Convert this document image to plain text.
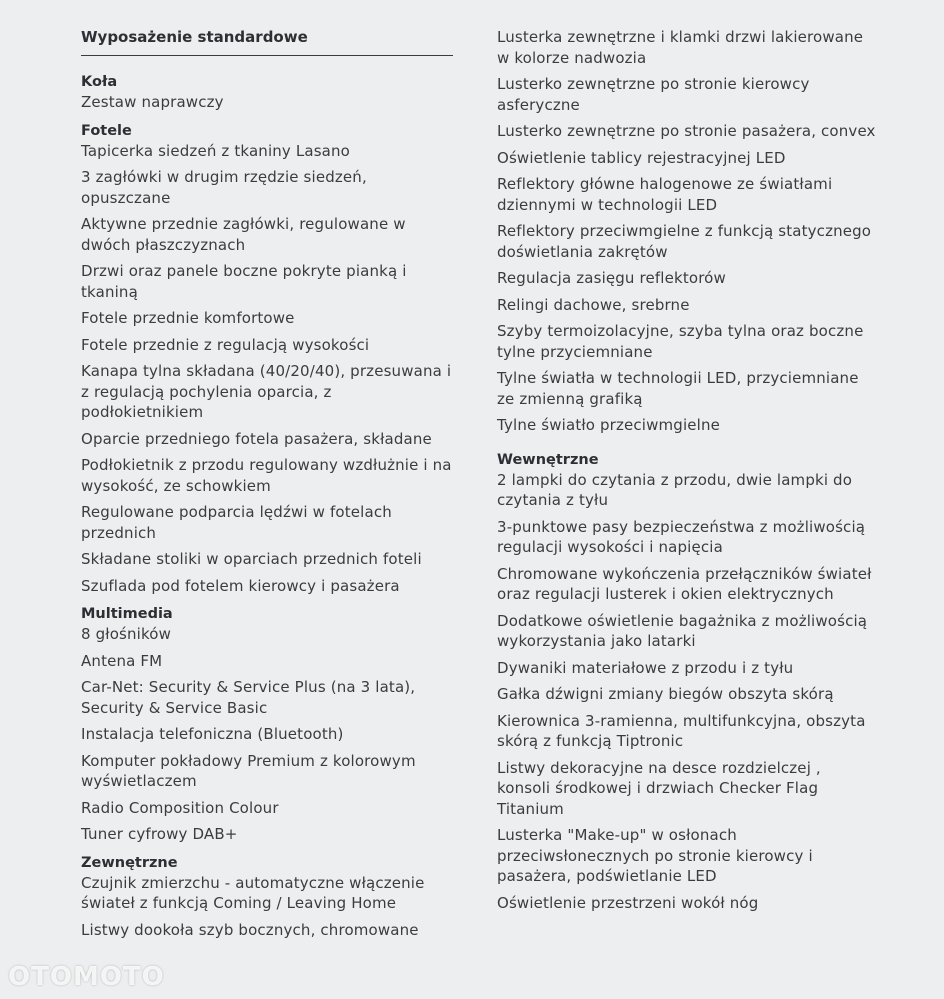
Wyposażenie standardowe

Koła

Zestaw naprawczy

Fotele

Tapicerka siedzeń z tkaniny Lasano

3 zagłówki w drugim rzędzie siedzeń, opuszczane

Aktywne przednie zagłówki, regulowane w dwóch płaszczyznach

Drzwi oraz panele boczne pokryte pianką i tkaniną

Fotele przednie komfortowe

Fotele przednie z regulacją wysokości

Kanapa tylna składana (40/20/40), przesuwana i z regulacją pochylenia oparcia, z podłokietnikiem

Oparcie przedniego fotela pasażera, składane

Podłokietnik z przodu regulowany wzdłużnie i na wysokość, ze schowkiem

Regulowane podparcia lędźwi w fotelach przednich

Składane stoliki w oparciach przednich foteli

Szuflada pod fotelem kierowcy i pasażera

Multimedia

8 głośników

Antena FM

Car-Net: Security & Service Plus (na 3 lata), Security & Service Basic

Instalacja telefoniczna (Bluetooth)

Komputer pokładowy Premium z kolorowym wyświetlaczem

Radio Composition Colour

Tuner cyfrowy DAB+

Zewnętrzne

Czujnik zmierzchu - automatyczne włączenie świateł z funkcją Coming / Leaving Home

Listwy dookoła szyb bocznych, chromowane

Lusterka zewnętrzne i klamki drzwi lakierowane w kolorze nadwozia

Lusterko zewnętrzne po stronie kierowcy asferyczne

Lusterko zewnętrzne po stronie pasażera, convex

Oświetlenie tablicy rejestracyjnej LED

Reflektory główne halogenowe ze światłami dziennymi w technologii LED

Reflektory przeciwmgielne z funkcją statycznego doświetlania zakrętów

Regulacja zasięgu reflektorów

Relingi dachowe, srebrne

Szyby termoizolacyjne, szyba tylna oraz boczne tylne przyciemniane

Tylne światła w technologii LED, przyciemniane ze zmienną grafiką

Tylne światło przeciwmgielne

Wewnętrzne

2 lampki do czytania z przodu, dwie lampki do czytania z tyłu

3-punktowe pasy bezpieczeństwa z możliwością regulacji wysokości i napięcia

Chromowane wykończenia przełączników świateł oraz regulacji lusterek i okien elektrycznych

Dodatkowe oświetlenie bagażnika z możliwością wykorzystania jako latarki

Dywaniki materiałowe z przodu i z tyłu

Gałka dźwigni zmiany biegów obszyta skórą

Kierownica 3-ramienna, multifunkcyjna, obszyta skórą z funkcją Tiptronic

Listwy dekoracyjne na desce rozdzielczej , konsoli środkowej i drzwiach Checker Flag Titanium

Lusterka "Make-up" w osłonach przeciwsłonecznych po stronie kierowcy i pasażera, podświetlanie LED

Oświetlenie przestrzeni wokół nóg

OTOMOTO
